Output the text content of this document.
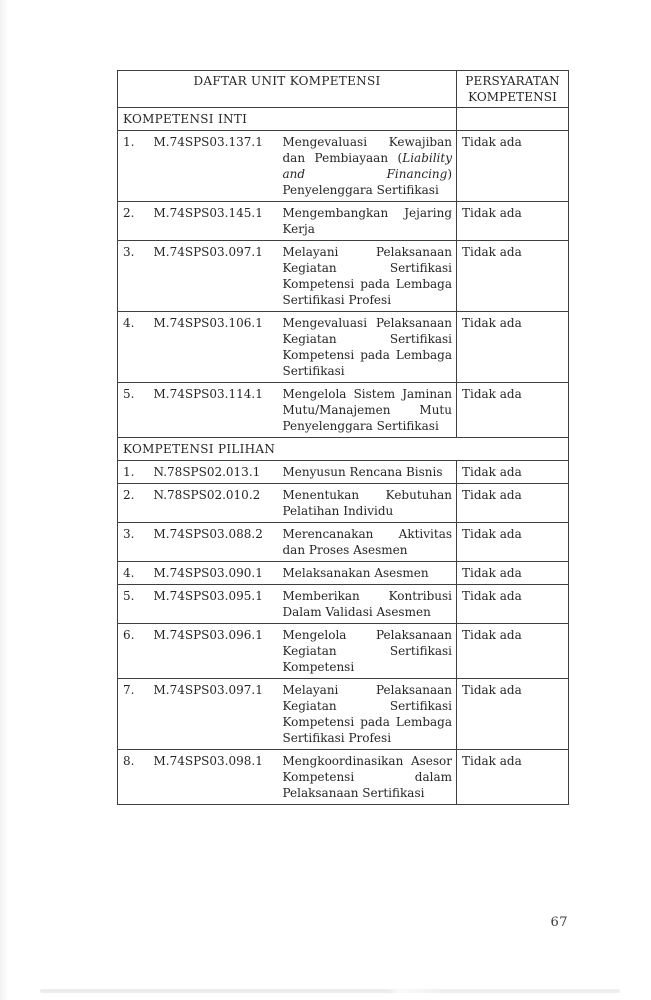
DAFTAR UNIT KOMPETENSI			PERSYARATAN KOMPETENSI
KOMPETENSI INTI			
1.	M.74SPS03.137.1	Mengevaluasi Kewajiban dan Pembiayaan (Liability and Financing) Penyelenggara Sertifikasi	Tidak ada
2.	M.74SPS03.145.1	Mengembangkan Jejaring Kerja	Tidak ada
3.	M.74SPS03.097.1	Melayani Pelaksanaan Kegiatan Sertifikasi Kompetensi pada Lembaga Sertifikasi Profesi	Tidak ada
4.	M.74SPS03.106.1	Mengevaluasi Pelaksanaan Kegiatan Sertifikasi Kompetensi pada Lembaga Sertifikasi	Tidak ada
5.	M.74SPS03.114.1	Mengelola Sistem Jaminan Mutu/Manajemen Mutu Penyelenggara Sertifikasi	Tidak ada
KOMPETENSI PILIHAN			
1.	N.78SPS02.013.1	Menyusun Rencana Bisnis	Tidak ada
2.	N.78SPS02.010.2	Menentukan Kebutuhan Pelatihan Individu	Tidak ada
3.	M.74SPS03.088.2	Merencanakan Aktivitas dan Proses Asesmen	Tidak ada
4.	M.74SPS03.090.1	Melaksanakan Asesmen	Tidak ada
5.	M.74SPS03.095.1	Memberikan Kontribusi Dalam Validasi Asesmen	Tidak ada
6.	M.74SPS03.096.1	Mengelola Pelaksanaan Kegiatan Sertifikasi Kompetensi	Tidak ada
7.	M.74SPS03.097.1	Melayani Pelaksanaan Kegiatan Sertifikasi Kompetensi pada Lembaga Sertifikasi Profesi	Tidak ada
8.	M.74SPS03.098.1	Mengkoordinasikan Asesor Kompetensi dalam Pelaksanaan Sertifikasi	Tidak ada
67
